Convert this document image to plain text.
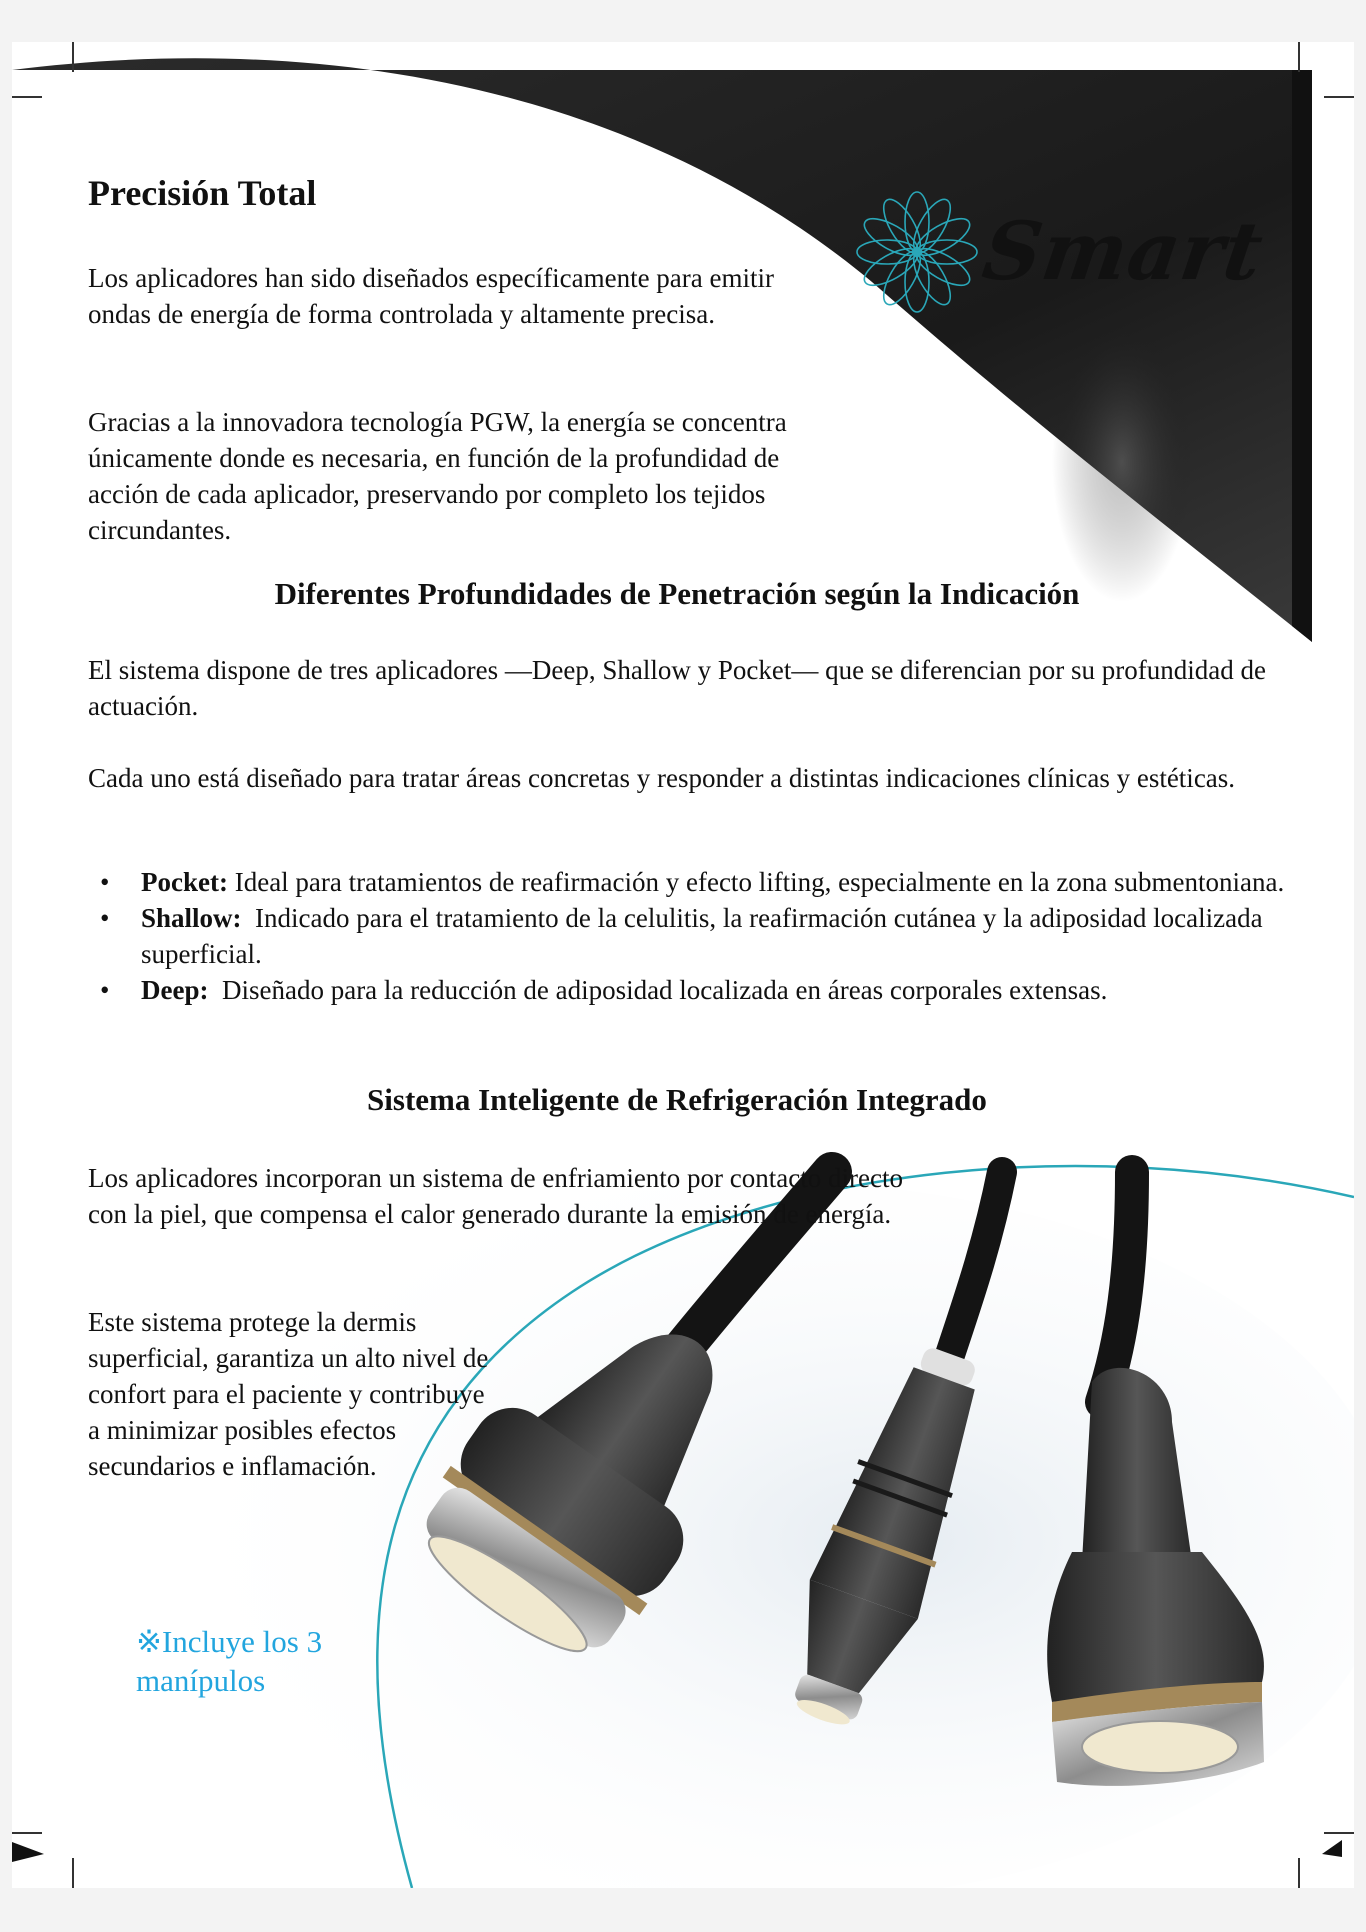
Smart

Precisión Total

Los aplicadores han sido diseñados específicamente para emitir ondas de energía de forma controlada y altamente precisa.

Gracias a la innovadora tecnología PGW, la energía se concentra únicamente donde es necesaria, en función de la profundidad de acción de cada aplicador, preservando por completo los tejidos circundantes.

Diferentes Profundidades de Penetración según la Indicación

El sistema dispone de tres aplicadores —Deep, Shallow y Pocket— que se diferencian por su profundidad de actuación.

Cada uno está diseñado para tratar áreas concretas y responder a distintas indicaciones clínicas y estéticas.

• Pocket: Ideal para tratamientos de reafirmación y efecto lifting, especialmente en la zona submentoniana.
• Shallow: Indicado para el tratamiento de la celulitis, la reafirmación cutánea y la adiposidad localizada superficial.
• Deep: Diseñado para la reducción de adiposidad localizada en áreas corporales extensas.
Sistema Inteligente de Refrigeración Integrado

Los aplicadores incorporan un sistema de enfriamiento por contacto directo con la piel, que compensa el calor generado durante la emisión de energía.

Este sistema protege la dermis superficial, garantiza un alto nivel de confort para el paciente y contribuye a minimizar posibles efectos secundarios e inflamación.

※Incluye los 3 manípulos
